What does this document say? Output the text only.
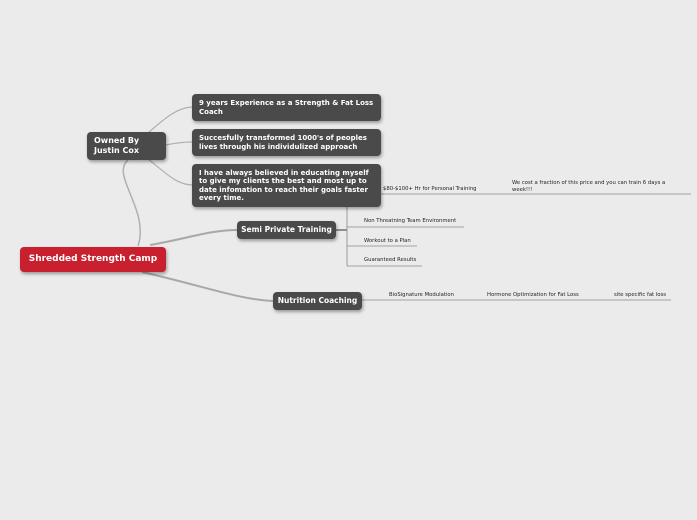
Shredded Strength Camp
Owned By
Justin Cox
9 years Experience as a Strength & Fat Loss Coach
Succesfully transformed 1000's of peoples lives through his individulized approach
I have always believed in educating myself to give my clients the best and most up to date infomation to reach their goals faster every time.
Semi Private Training
Nutrition Coaching
$80-$100+ Hr for Personal Training
We cost a fraction of this price and you can train 6 days a week!!!
Non Threatning Team Environment
Workout to a Plan
Guaranteed Results
BioSignature Modulation	Hormone Optimization for Fat Loss	site specific fat loss
